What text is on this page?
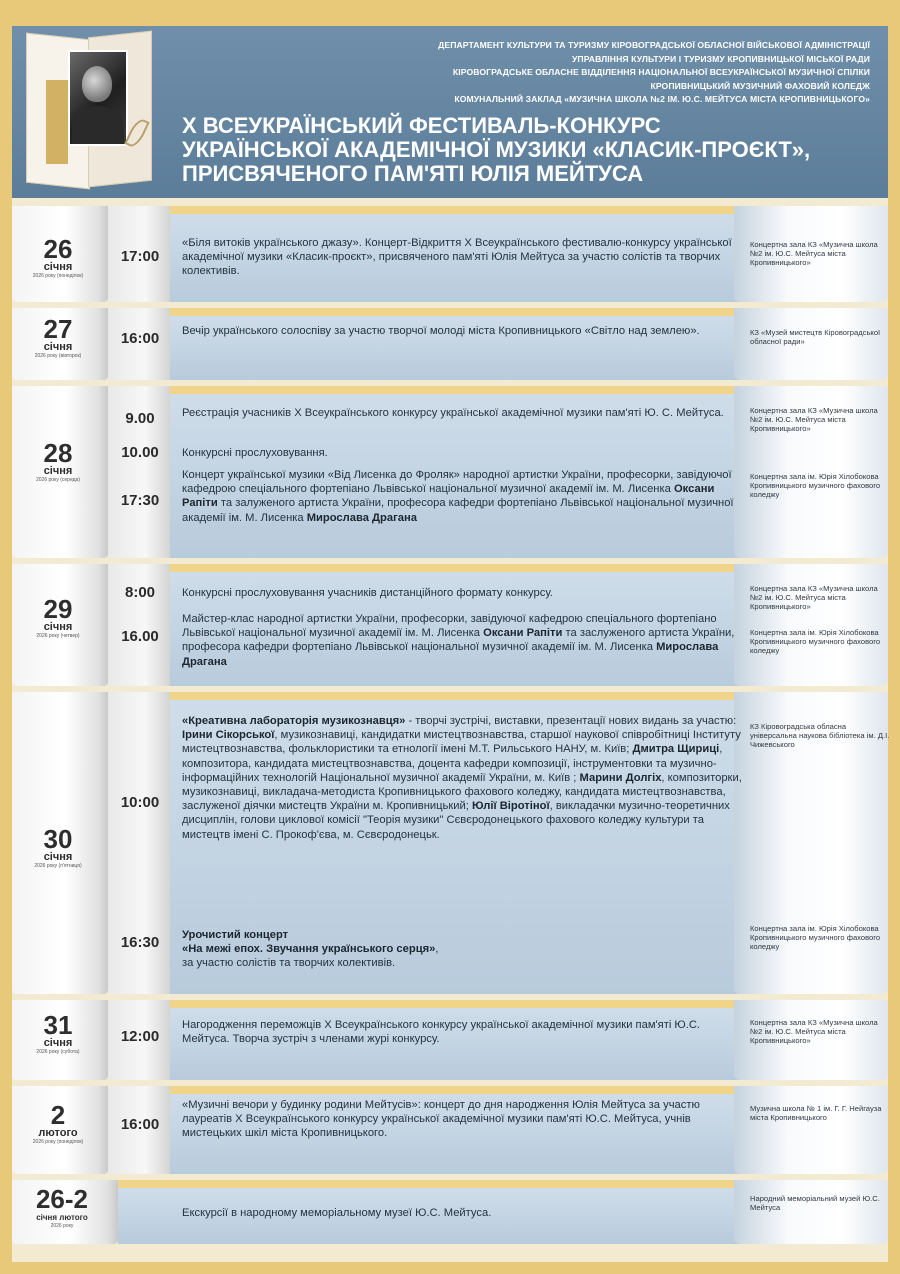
ДЕПАРТАМЕНТ КУЛЬТУРИ ТА ТУРИЗМУ КІРОВОГРАДСЬКОЇ ОБЛАСНОЇ ВІЙСЬКОВОЇ АДМІНІСТРАЦІЇ
УПРАВЛІННЯ КУЛЬТУРИ І ТУРИЗМУ КРОПИВНИЦЬКОЇ МІСЬКОЇ РАДИ
КІРОВОГРАДСЬКЕ ОБЛАСНЕ ВІДДІЛЕННЯ НАЦІОНАЛЬНОЇ ВСЕУКРАЇНСЬКОЇ МУЗИЧНОЇ СПІЛКИ
КРОПИВНИЦЬКИЙ МУЗИЧНИЙ ФАХОВИЙ КОЛЕДЖ
КОМУНАЛЬНИЙ ЗАКЛАД «МУЗИЧНА ШКОЛА №2 ІМ. Ю.С. МЕЙТУСА МІСТА КРОПИВНИЦЬКОГО»
Х ВСЕУКРАЇНСЬКИЙ ФЕСТИВАЛЬ-КОНКУРС
УКРАЇНСЬКОЇ АКАДЕМІЧНОЇ МУЗИКИ «КЛАСИК-ПРОЄКТ»,
ПРИСВЯЧЕНОГО ПАМ'ЯТІ ЮЛІЯ МЕЙТУСА
26
січня
2026 року (понеділок)
17:00
«Біля витоків українського джазу». Концерт-Відкриття Х Всеукраїнського фестивалю-конкурсу української академічної музики «Класик-проєкт», присвяченого пам'яті Юлія Мейтуса за участю солістів та творчих колективів.
Концертна зала КЗ «Музична школа №2 ім. Ю.С. Мейтуса міста Кропивницького»
27
січня
2026 року (вівторок)
16:00	Вечір українського солоспіву за участю творчої молоді міста Кропивницького «Світло над землею».	КЗ «Музей мистецтв Кіровоградської обласної ради»
28
січня
2026 року (середа)
9.00
10.00
17:30
Реєстрація учасників Х Всеукраїнського конкурсу української академічної музики пам'яті Ю. С. Мейтуса.
Конкурсні прослуховування.
Концерт української музики «Від Лисенка до Фроляк» народної артистки України, професорки, завідуючої кафедрою спеціального фортепіано Львівської національної музичної академії ім. М. Лисенка Оксани Рапіти та залуженого артиста України, професора кафедри фортепіано Львівської національної музичної академії ім. М. Лисенка Мирослава Драгана
Концертна зала КЗ «Музична школа №2 ім. Ю.С. Мейтуса міста Кропивницького»
Концертна зала ім. Юрія Хілобокова Кропивницького музичного фахового коледжу
29
січня
2026 року (четвер)
8:00
16.00
Конкурсні прослуховування учасників дистанційного формату конкурсу.
Майстер-клас народної артистки України, професорки, завідуючої кафедрою спеціального фортепіано Львівської національної музичної академії ім. М. Лисенка Оксани Рапіти та заслуженого артиста України, професора кафедри фортепіано Львівської національної музичної академії ім. М. Лисенка Мирослава Драгана
Концертна зала КЗ «Музична школа №2 ім. Ю.С. Мейтуса міста Кропивницького»
Концертна зала ім. Юрія Хілобокова Кропивницького музичного фахового коледжу
30
січня
2026 року (п'ятниця)
10:00
16:30
«Креативна лабораторія музикознавця» - творчі зустрічі, виставки, презентації нових видань за участю:
Ірини Сікорської, музикознавиці, кандидатки мистецтвознавства, старшої наукової співробітниці Інституту мистецтвознавства, фольклористики та етнології імені М.Т. Рильського НАНУ, м. Київ; Дмитра Щириці, композитора, кандидата мистецтвознавства, доцента кафедри композиції, інструментовки та музично-інформаційних технологій Національної музичної академії України, м. Київ ; Марини Долгіх, композиторки, музикознавиці, викладача-методиста Кропивницького фахового коледжу, кандидата мистецтвознавства, заслуженої діячки мистецтв України м. Кропивницький; Юлії Віротіної, викладачки музично-теоретичних дисциплін, голови циклової комісії "Теорія музики" Сєвєродонецького фахового коледжу культури та мистецтв імені С. Прокоф'єва, м. Сєвєродонецьк.
Урочистий концерт
«На межі епох. Звучання українського серця»,
за участю солістів та творчих колективів.
КЗ Кіровоградська обласна універсальна наукова бібліотека ім. Д.І. Чижевського
Концертна зала ім. Юрія Хілобокова Кропивницького музичного фахового коледжу
31
січня
2026 року (субота)
12:00
Нагородження переможців Х Всеукраїнського конкурсу української академічної музики пам'яті Ю.С. Мейтуса. Творча зустріч з членами журі конкурсу.
Концертна зала КЗ «Музична школа №2 ім. Ю.С. Мейтуса міста Кропивницького»
2
лютого
2026 року (понеділок)
16:00
«Музичні вечори у будинку родини Мейтусів»: концерт до дня народження Юлія Мейтуса за участю лауреатів Х Всеукраїнського конкурсу української академічної музики пам'яті Ю.С. Мейтуса, учнів мистецьких шкіл міста Кропивницького.
Музична школа № 1 ім. Г. Г. Нейгауза міста Кропивницького
26-2
січня лютого
2026 року
Екскурсії в народному меморіальному музеї Ю.С. Мейтуса.
Народний меморіальний музей Ю.С. Мейтуса
